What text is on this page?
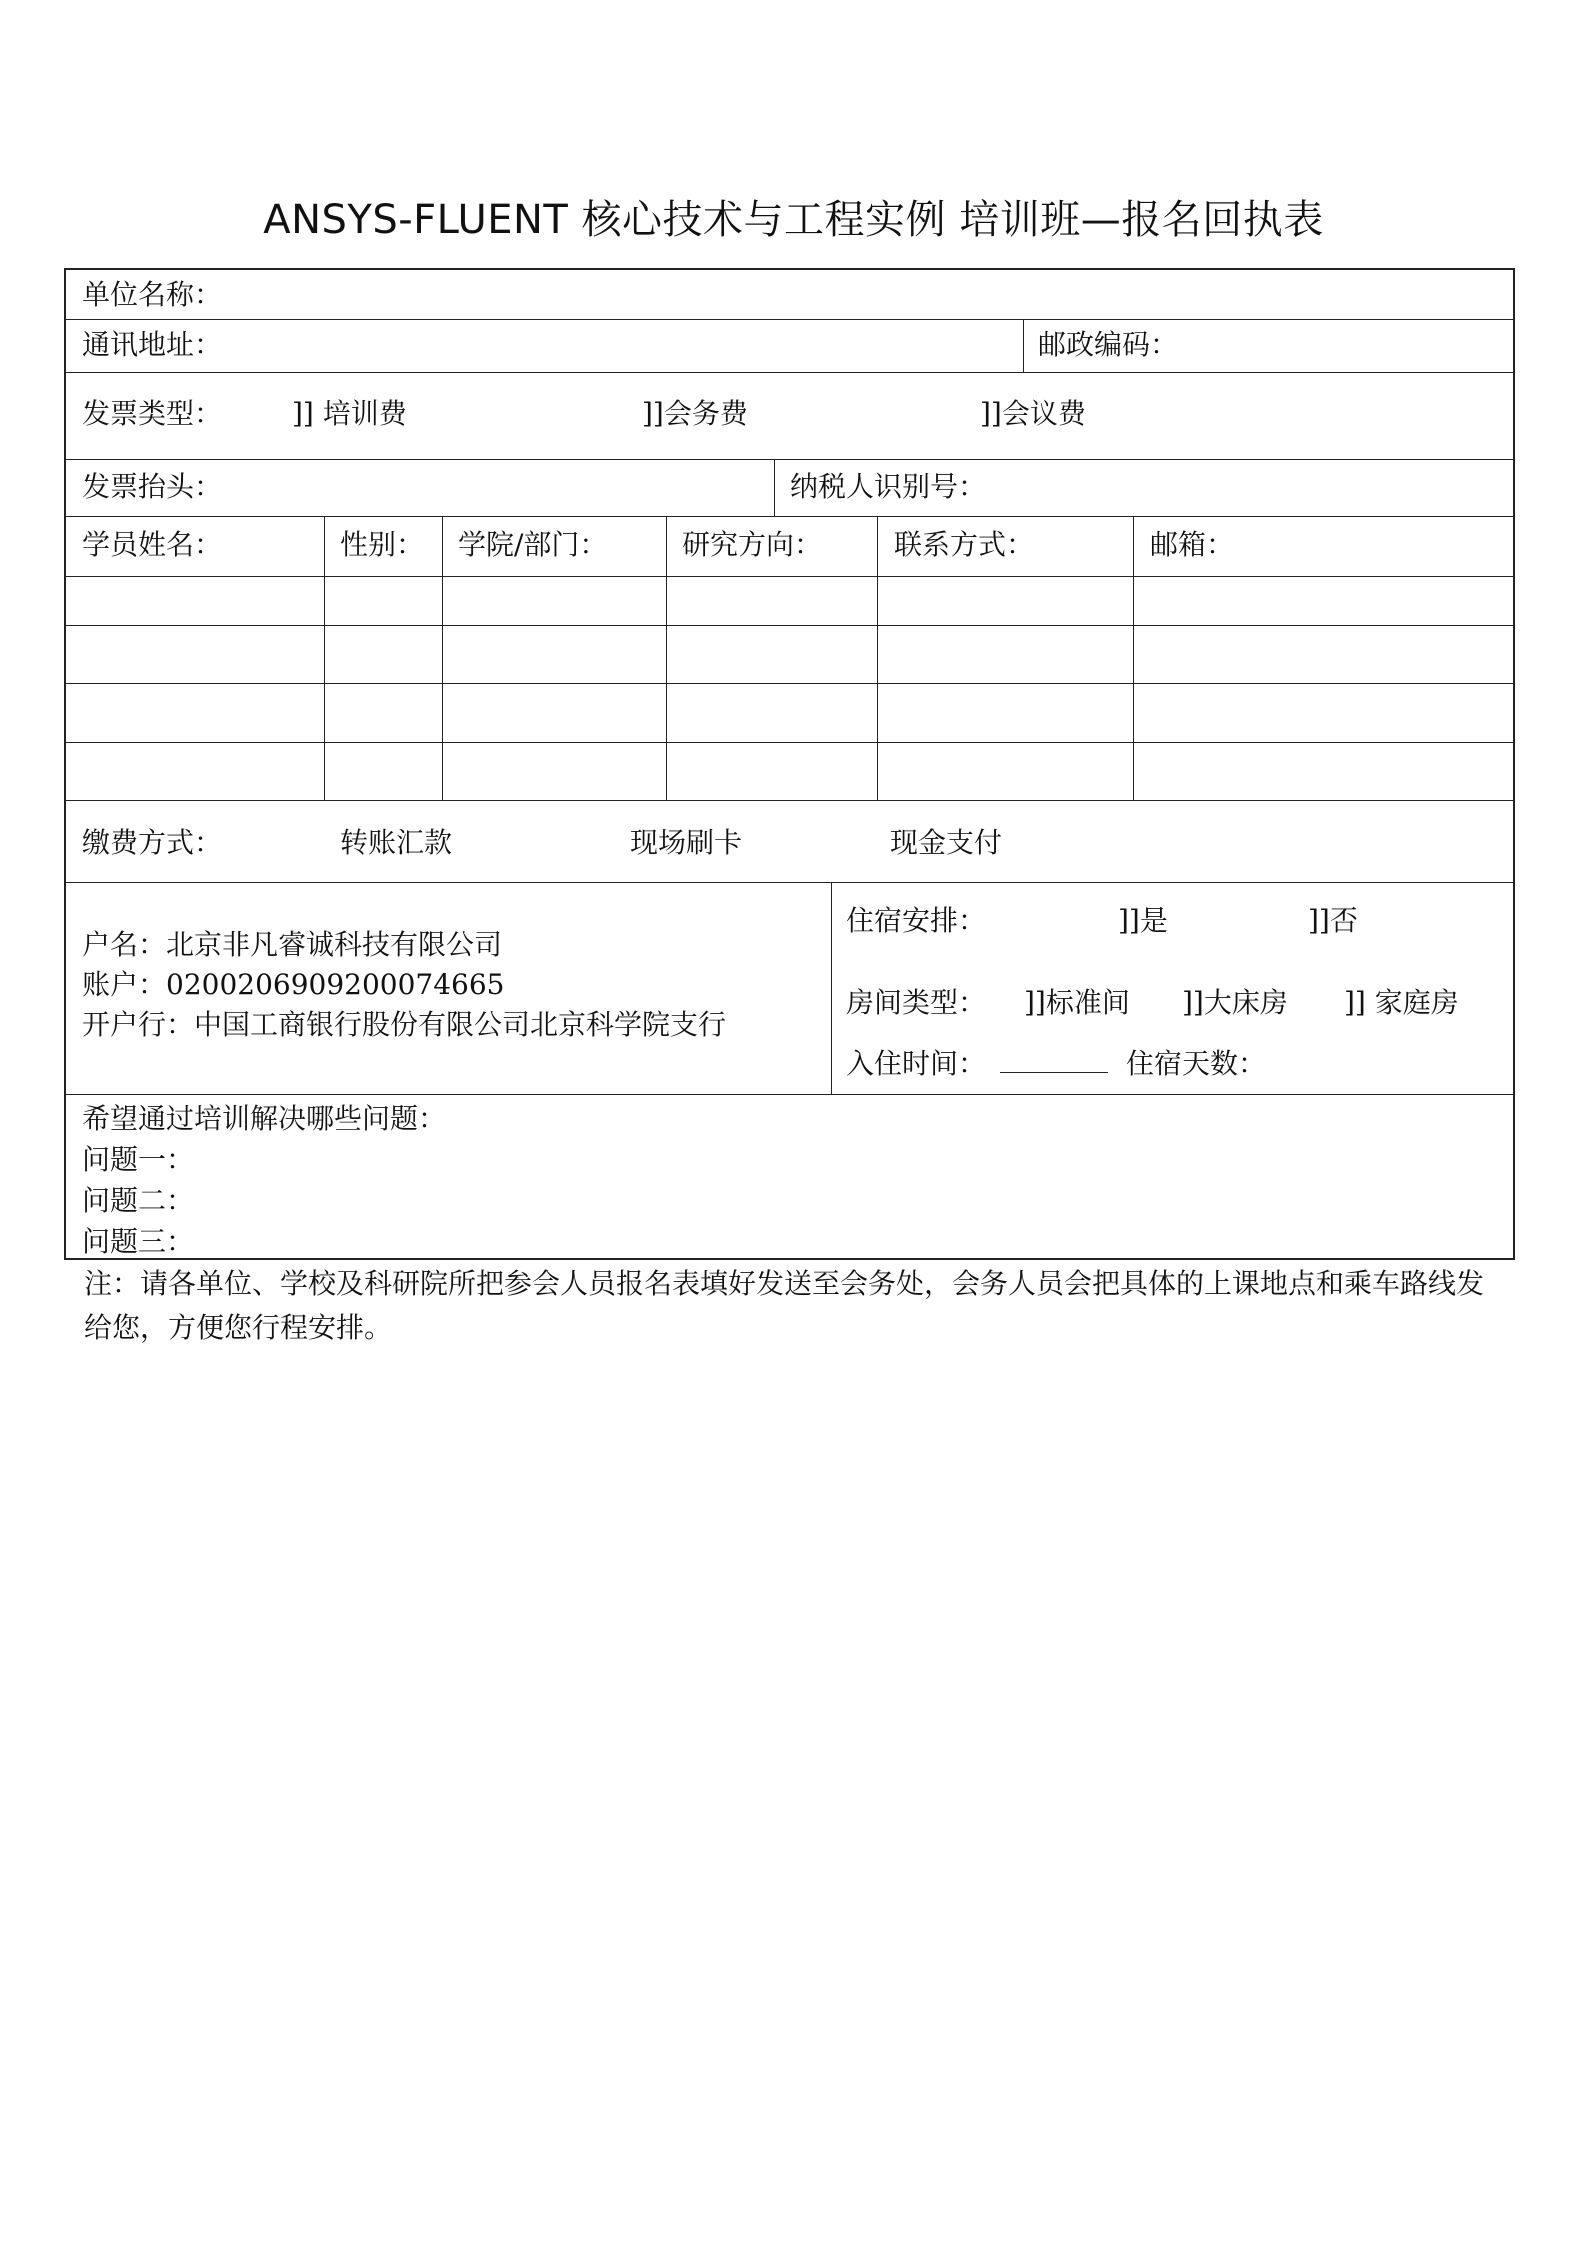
ANSYS-FLUENT 核心技术与工程实例 培训班—报名回执表
单位名称：
通讯地址：	邮政编码：
发票类型： ]] 培训费	]]会务费	]]会议费
发票抬头：	纳税人识别号：
学员姓名：	性别： 学院/部门：	研究方向：	联系方式：	邮箱：
缴费方式：	转账汇款	现场刷卡	现金支付
户名：北京非凡睿诚科技有限公司
账户：0200206909200074665
开户行：中国工商银行股份有限公司北京科学院支行
住宿安排：	]]是	]]否
房间类型： ]]标准间 ]]大床房 ]] 家庭房
入住时间：	住宿天数：
希望通过培训解决哪些问题：
问题一：
问题二：
问题三：
注：请各单位、学校及科研院所把参会人员报名表填好发送至会务处，会务人员会把具体的上课地点和乘车路线发给您，方便您行程安排。
